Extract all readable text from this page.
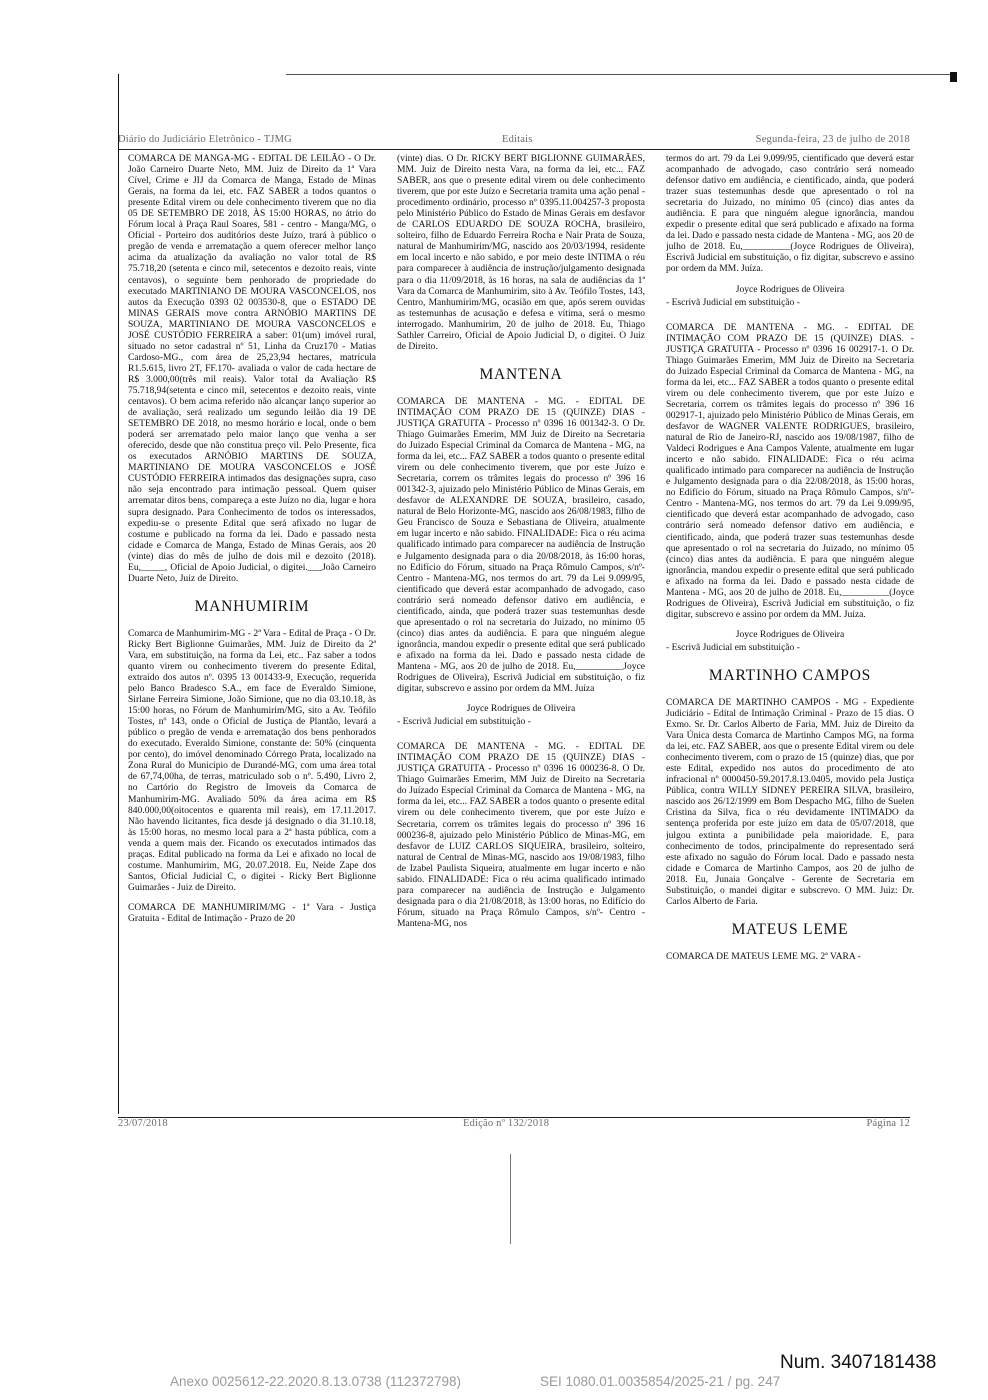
Diário do Judiciário Eletrônico - TJMG	Editais	Segunda-feira, 23 de julho de 2018

COMARCA DE MANGA-MG - EDITAL DE LEILÃO - O Dr. João Carneiro Duarte Neto, MM. Juiz de Direito da 1ª Vara Cível, Crime e JIJ da Comarca de Manga, Estado de Minas Gerais, na forma da lei, etc. FAZ SABER a todos quantos o presente Edital virem ou dele conhecimento tiverem que no dia 05 DE SETEMBRO DE 2018, ÀS 15:00 HORAS, no átrio do Fórum local à Praça Raul Soares, 581 - centro - Manga/MG, o Oficial - Porteiro dos auditórios deste Juízo, trará à público o pregão de venda e arrematação a quem oferecer melhor lanço acima da atualização da avaliação no valor total de R$ 75.718,20 (setenta e cinco mil, setecentos e dezoito reais, vinte centavos), o seguinte bem penhorado de propriedade do executado MARTINIANO DE MOURA VASCONCELOS, nos autos da Execução 0393 02 003530-8, que o ESTADO DE MINAS GERAIS move contra ARNÓBIO MARTINS DE SOUZA, MARTINIANO DE MOURA VASCONCELOS e JOSÉ CUSTÓDIO FERREIRA a saber: 01(um) imóvel rural, situado no setor cadastral nº 51, Linha da Cruz170 - Matias Cardoso-MG., com área de 25,23,94 hectares, matrícula R1.5.615, livro 2T, FF.170- avaliada o valor de cada hectare de R$ 3.000,00(três mil reais). Valor total da Avaliação R$ 75.718,94(setenta e cinco mil, setecentos e dezoito reais, vinte centavos). O bem acima referido não alcançar lanço superior ao de avaliação, será realizado um segundo leilão dia 19 DE SETEMBRO DE 2018, no mesmo horário e local, onde o bem poderá ser arrematado pelo maior lanço que venha a ser oferecido, desde que não constitua preço vil. Pelo Presente, fica os executados ARNÓBIO MARTINS DE SOUZA, MARTINIANO DE MOURA VASCONCELOS e JOSÉ CUSTÓDIO FERREIRA intimados das designações supra, caso não seja encontrado para intimação pessoal. Quem quiser arrematar ditos bens, compareça a este Juízo no dia, lugar e hora supra designado. Para Conhecimento de todos os interessados, expediu-se o presente Edital que será afixado no lugar de costume e publicado na forma da lei. Dado e passado nesta cidade e Comarca de Manga, Estado de Minas Gerais, aos 20 (vinte) dias do mês de julho de dois mil e dezoito (2018). Eu,_____, Oficial de Apoio Judicial, o digitei.___João Carneiro Duarte Neto, Juiz de Direito.

MANHUMIRIM

Comarca de Manhumirim-MG - 2ª Vara - Edital de Praça - O Dr. Ricky Bert Biglionne Guimarães, MM. Juiz de Direito da 2ª Vara, em substituição, na forma da Lei, etc.. Faz saber a todos quanto virem ou conhecimento tiverem do presente Edital, extraído dos autos nº. 0395 13 001433-9, Execução, requerida pelo Banco Bradesco S.A., em face de Everaldo Simione, Sirlane Ferreira Simione, João Simione, que no dia 03.10.18, às 15:00 horas, no Fórum de Manhumirim/MG, sito a Av. Teófilo Tostes, nº 143, onde o Oficial de Justiça de Plantão, levará a público o pregão de venda e arrematação dos bens penhorados do executado. Everaldo Simione, constante de: 50% (cinquenta por cento), do imóvel denominado Córrego Prata, localizado na Zona Rural do Município de Durandé-MG, com uma área total de 67,74,00ha, de terras, matriculado sob o nº. 5.490, Livro 2, no Cartório do Registro de Imoveis da Comarca de Manhumirim-MG. Avaliado 50% da área acima em R$ 840.000,00(oitocentos e quarenta mil reais), em 17.11.2017. Não havendo licitantes, fica desde já designado o dia 31.10.18, às 15:00 horas, no mesmo local para a 2ª hasta pública, com a venda a quem mais der. Ficando os executados intimados das praças. Edital publicado na forma da Lei e afixado no local de costume. Manhumirim, MG, 20.07.2018. Eu, Neide Zape dos Santos, Oficial Judicial C, o digitei - Ricky Bert Biglionne Guimarães - Juiz de Direito.

COMARCA DE MANHUMIRIM/MG - 1ª Vara - Justiça Gratuita - Edital de Intimação - Prazo de 20

(vinte) dias. O Dr. RICKY BERT BIGLIONNE GUIMARÃES, MM. Juiz de Direito nesta Vara, na forma da lei, etc... FAZ SABER, aos que o presente edital virem ou dele conhecimento tiverem, que por este Juízo e Secretaria tramita uma ação penal - procedimento ordinário, processo nº 0395.11.004257-3 proposta pelo Ministério Público do Estado de Minas Gerais em desfavor de CARLOS EDUARDO DE SOUZA ROCHA, brasileiro, solteiro, filho de Eduardo Ferreira Rocha e Nair Prata de Souza, natural de Manhumirim/MG, nascido aos 20/03/1994, residente em local incerto e não sabido, e por meio deste INTIMA o réu para comparecer à audiência de instrução/julgamento designada para o dia 11/09/2018, às 16 horas, na sala de audiências da 1ª Vara da Comarca de Manhumirim, sito à Av. Teófilo Tostes, 143, Centro, Manhumirim/MG, ocasião em que, após serem ouvidas as testemunhas de acusação e defesa e vítima, será o mesmo interrogado. Manhumirim, 20 de julho de 2018. Eu, Thiago Sathler Carreiro, Oficial de Apoio Judicial D, o digitei. O Juiz de Direito.

MANTENA

COMARCA DE MANTENA - MG. - EDITAL DE INTIMAÇÃO COM PRAZO DE 15 (QUINZE) DIAS - JUSTIÇA GRATUITA - Processo nº 0396 16 001342-3. O Dr. Thiago Guimarães Emerim, MM Juiz de Direito na Secretaria do Juizado Especial Criminal da Comarca de Mantena - MG, na forma da lei, etc... FAZ SABER a todos quanto o presente edital virem ou dele conhecimento tiverem, que por este Juízo e Secretaria, correm os trâmites legais do processo nº 396 16 001342-3, ajuizado pelo Ministério Público de Minas Gerais, em desfavor de ALEXANDRE DE SOUZA, brasileiro, casado, natural de Belo Horizonte-MG, nascido aos 26/08/1983, filho de Geu Francisco de Souza e Sebastiana de Oliveira, atualmente em lugar incerto e não sabido. FINALIDADE: Fica o réu acima qualificado intimado para comparecer na audiência de Instrução e Julgamento designada para o dia 20/08/2018, às 16:00 horas, no Edifício do Fórum, situado na Praça Rômulo Campos, s/nº- Centro - Mantena-MG, nos termos do art. 79 da Lei 9.099/95, cientificado que deverá estar acompanhado de advogado, caso contrário será nomeado defensor dativo em audiência, e cientificado, ainda, que poderá trazer suas testemunhas desde que apresentado o rol na secretaria do Juizado, no mínimo 05 (cinco) dias antes da audiência. E para que ninguém alegue ignorância, mandou expedir o presente edital que será publicado e afixado na forma da lei. Dado e passado nesta cidade de Mantena - MG, aos 20 de julho de 2018. Eu,__________Joyce Rodrigues de Oliveira), Escrivã Judicial em substituição, o fiz digitar, subscrevo e assino por ordem da MM. Juíza

Joyce Rodrigues de Oliveira

- Escrivã Judicial em substituição -

COMARCA DE MANTENA - MG. - EDITAL DE INTIMAÇÃO COM PRAZO DE 15 (QUINZE) DIAS - JUSTIÇA GRATUITA - Processo nº 0396 16 000236-8. O Dr. Thiago Guimarães Emerim, MM Juiz de Direito na Secretaria do Juizado Especial Criminal da Comarca de Mantena - MG, na forma da lei, etc... FAZ SABER a todos quanto o presente edital virem ou dele conhecimento tiverem, que por este Juízo e Secretaria, correm os trâmites legais do processo nº 396 16 000236-8, ajuizado pelo Ministério Público de Minas-MG, em desfavor de LUIZ CARLOS SIQUEIRA, brasileiro, solteiro, natural de Central de Minas-MG, nascido aos 19/08/1983, filho de Izabel Paulista Siqueira, atualmente em lugar incerto e não sabido. FINALIDADE: Fica o réu acima qualificado intimado para comparecer na audiência de Instrução e Julgamento designada para o dia 21/08/2018, às 13:00 horas, no Edifício do Fórum, situado na Praça Rômulo Campos, s/nº- Centro - Mantena-MG, nos

termos do art. 79 da Lei 9.099/95, cientificado que deverá estar acompanhado de advogado, caso contrário será nomeado defensor dativo em audiência, e cientificado, ainda, que poderá trazer suas testemunhas desde que apresentado o rol na secretaria do Juizado, no mínimo 05 (cinco) dias antes da audiência. E para que ninguém alegue ignorância, mandou expedir o presente edital que será publicado e afixado na forma da lei. Dado e passado nesta cidade de Mantena - MG, aos 20 de julho de 2018. Eu,__________(Joyce Rodrigues de Oliveira), Escrivã Judicial em substituição, o fiz digitar, subscrevo e assino por ordem da MM. Juíza.

Joyce Rodrigues de Oliveira

- Escrivã Judicial em substituição -

COMARCA DE MANTENA - MG. - EDITAL DE INTIMAÇÃO COM PRAZO DE 15 (QUINZE) DIAS. - JUSTIÇA GRATUITA - Processo nº 0396 16 002917-1. O Dr. Thiago Guimarães Emerim, MM Juiz de Direito na Secretaria do Juizado Especial Criminal da Comarca de Mantena - MG, na forma da lei, etc... FAZ SABER a todos quanto o presente edital virem ou dele conhecimento tiverem, que por este Juízo e Secretaria, correm os trâmites legais do processo nº 396 16 002917-1, ajuizado pelo Ministério Público de Minas Gerais, em desfavor de WAGNER VALENTE RODRIGUES, brasileiro, natural de Rio de Janeiro-RJ, nascido aos 19/08/1987, filho de Valdeci Rodrigues e Ana Campos Valente, atualmente em lugar incerto e não sabido. FINALIDADE: Fica o réu acima qualificado intimado para comparecer na audiência de Instrução e Julgamento designada para o dia 22/08/2018, às 15:00 horas, no Edifício do Fórum, situado na Praça Rômulo Campos, s/nº- Centro - Mantena-MG, nos termos do art. 79 da Lei 9.099/95, cientificado que deverá estar acompanhado de advogado, caso contrário será nomeado defensor dativo em audiência, e cientificado, ainda, que poderá trazer suas testemunhas desde que apresentado o rol na secretaria do Juizado, no mínimo 05 (cinco) dias antes da audiência. E para que ninguém alegue ignorância, mandou expedir o presente edital que será publicado e afixado na forma da lei. Dado e passado nesta cidade de Mantena - MG, aos 20 de julho de 2018. Eu,__________(Joyce Rodrigues de Oliveira), Escrivã Judicial em substituição, o fiz digitar, subscrevo e assino por ordem da MM. Juíza.

Joyce Rodrigues de Oliveira

- Escrivã Judicial em substituição -

MARTINHO CAMPOS

COMARCA DE MARTINHO CAMPOS - MG - Expediente Judiciário - Edital de Intimação Criminal - Prazo de 15 dias. O Exmo. Sr. Dr. Carlos Alberto de Faria, MM. Juiz de Direito da Vara Única desta Comarca de Martinho Campos MG, na forma da lei, etc. FAZ SABER, aos que o presente Edital virem ou dele conhecimento tiverem, com o prazo de 15 (quinze) dias, que por este Edital, expedido nos autos do procedimento de ato infracional nº 0000450-59.2017.8.13.0405, movido pela Justiça Pública, contra WILLY SIDNEY PEREIRA SILVA, brasileiro, nascido aos 26/12/1999 em Bom Despacho MG, filho de Suelen Cristina da Silva, fica o réu devidamente INTIMADO da sentença proferida por este juízo em data de 05/07/2018, que julgou extinta a punibilidade pela maioridade. E, para conhecimento de todos, principalmente do representado será este afixado no saguão do Fórum local. Dado e passado nesta cidade e Comarca de Martinho Campos, aos 20 de julho de 2018. Eu, Junaia Gonçalve - Gerente de Secretaria em Substituição, o mandei digitar e subscrevo. O MM. Juiz: Dr. Carlos Alberto de Faria.

MATEUS LEME

COMARCA DE MATEUS LEME MG. 2ª VARA -

23/07/2018	Edição nº 132/2018	Página 12
Num. 3407181438
Anexo 0025612-22.2020.8.13.0738 (112372798)	SEI 1080.01.0035854/2025-21 / pg. 247
